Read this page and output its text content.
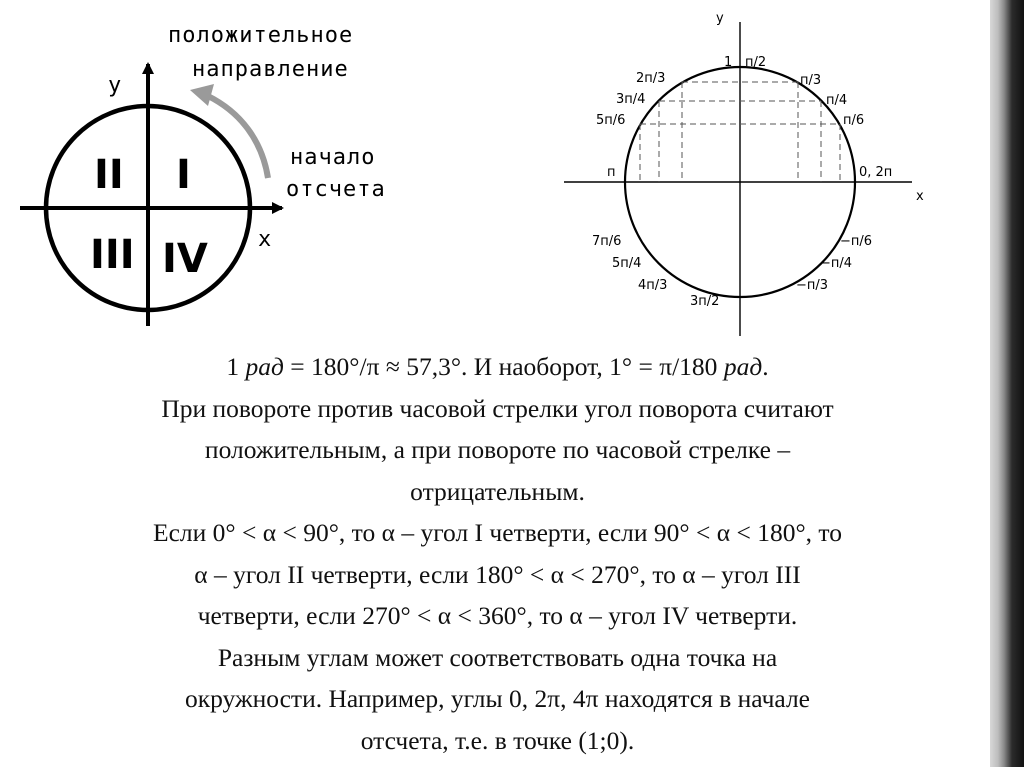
y
x
I
II
III IV
положительное
направление
начало
отсчета
y
x
1 п/2
п/3
п/4
п/6
0, 2п
2п/3
3п/4
5п/6
п
7п/6
5п/4
4п/3
3п/2
−п/6
−п/4
−п/3

1 рад = 180°/π ≈ 57,3°. И наоборот, 1° = π/180 рад.

При повороте против часовой стрелки угол поворота считают

положительным, а при повороте по часовой стрелке –

отрицательным.

Если 0° < α < 90°, то α – угол I четверти, если 90° < α < 180°, то

α – угол II четверти, если 180° < α < 270°, то α – угол III

четверти, если 270° < α < 360°, то α – угол IV четверти.

Разным углам может соответствовать одна точка на

окружности. Например, углы 0, 2π, 4π находятся в начале

отсчета, т.е. в точке (1;0).
